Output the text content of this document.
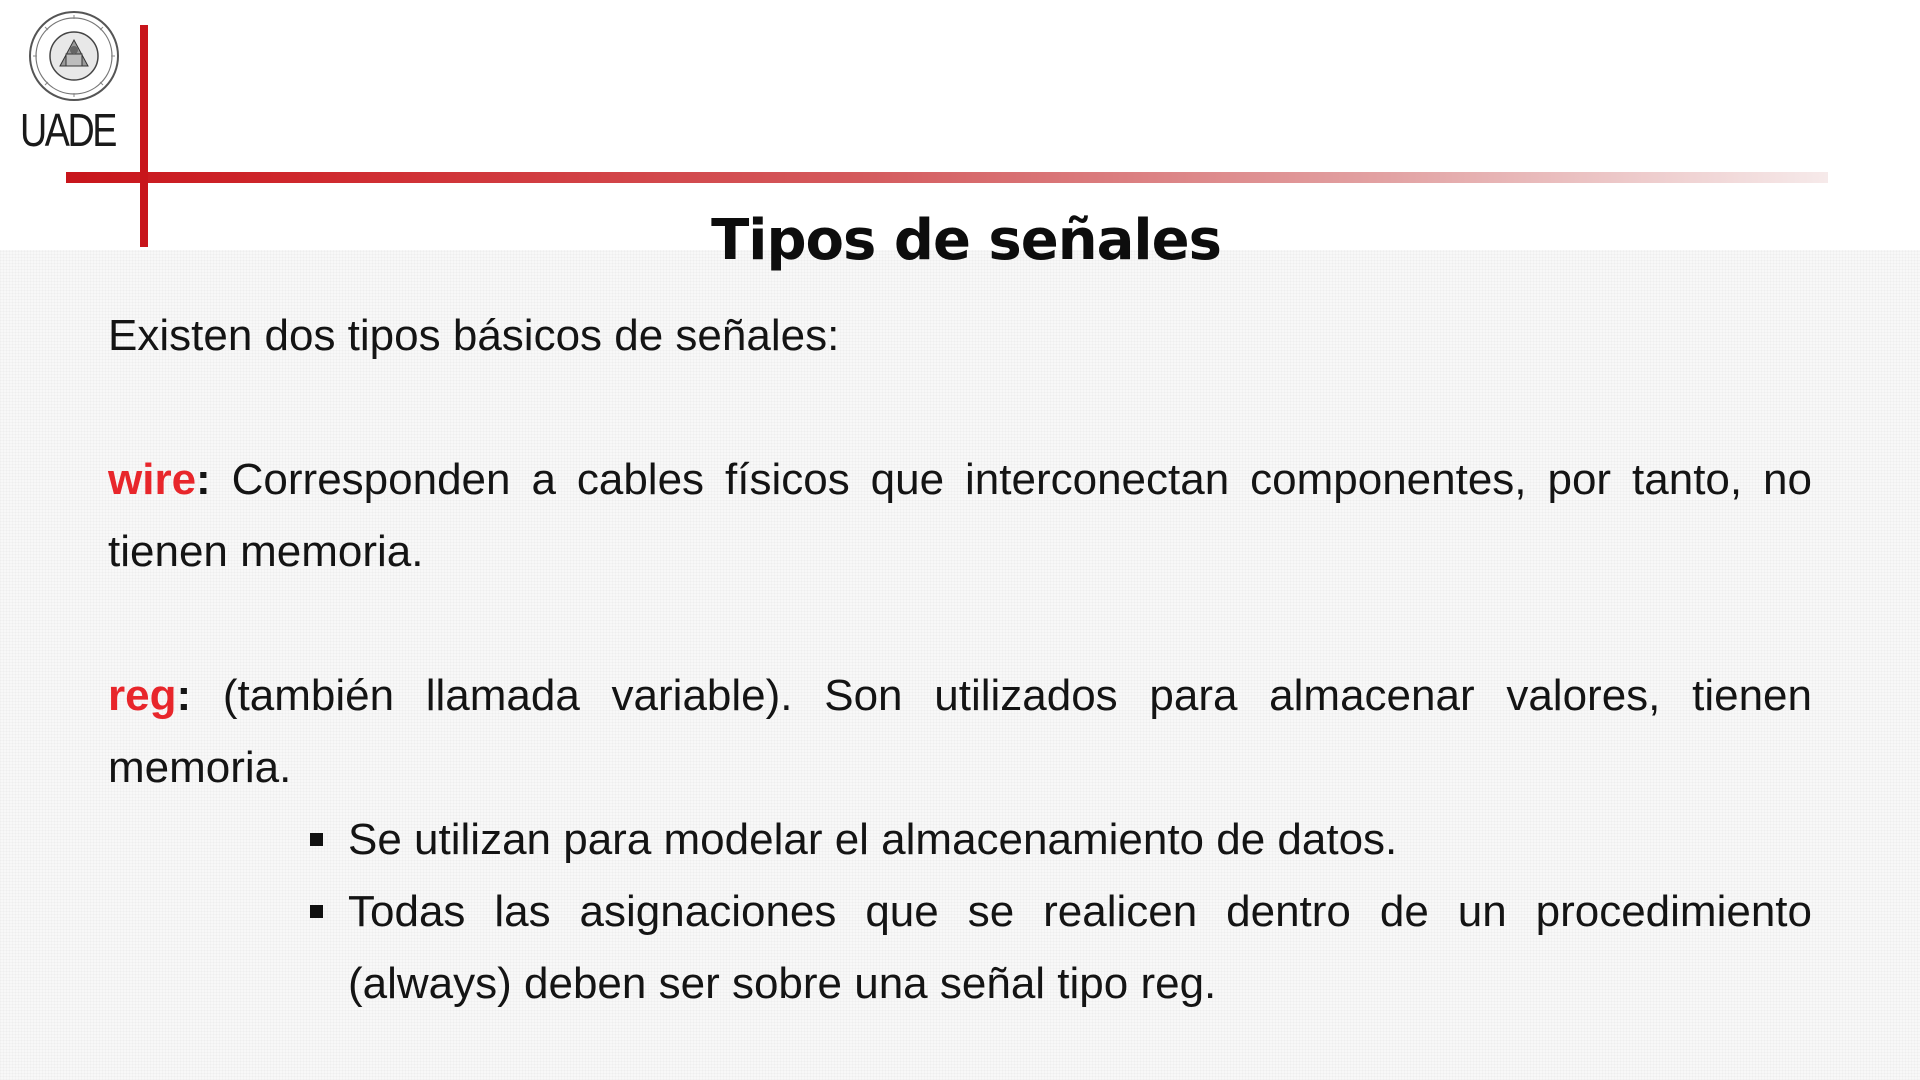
UADE
Tipos de señales

Existen dos tipos básicos de señales:

wire: Corresponden a cables físicos que interconectan componentes, por tanto, no tienen memoria.

reg: (también llamada variable). Son utilizados para almacenar valores, tienen memoria.

Se utilizan para modelar el almacenamiento de datos.
Todas las asignaciones que se realicen dentro de un procedimiento (always) deben ser sobre una señal tipo reg.
